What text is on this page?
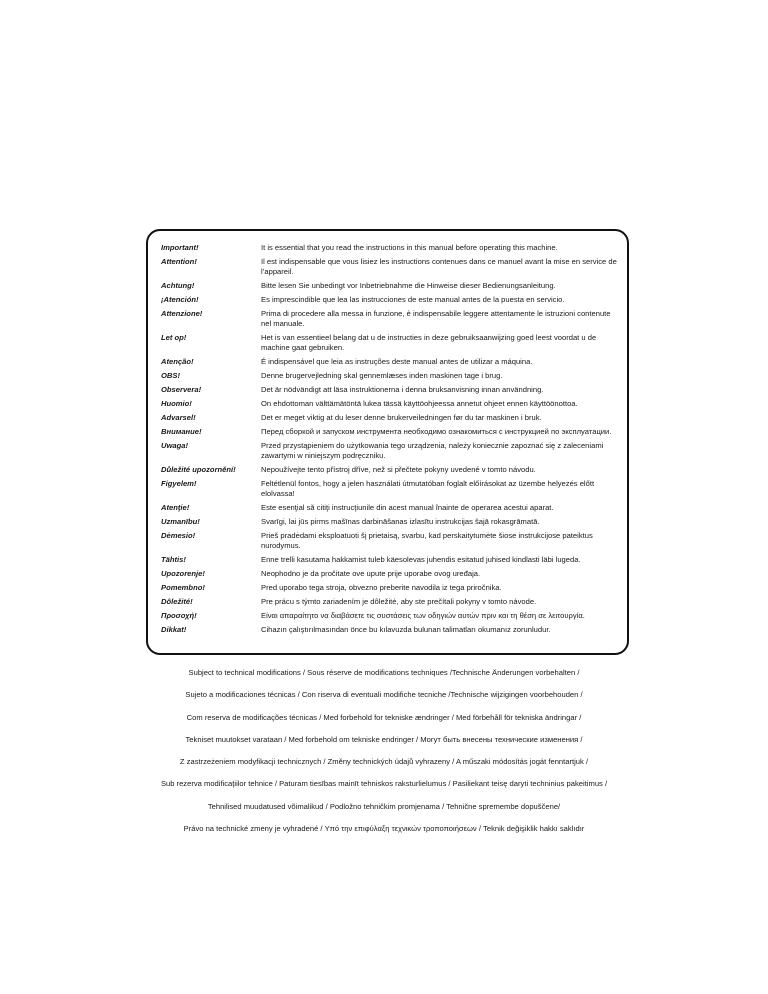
Important!	It is essential that you read the instructions in this manual before operating this machine.
Attention!	Il est indispensable que vous lisiez les instructions contenues dans ce manuel avant la mise en service de l’appareil.
Achtung!	Bitte lesen Sie unbedingt vor Inbetriebnahme die Hinweise dieser Bedienungsanleitung.
¡Atención!	Es imprescindible que lea las instrucciones de este manual antes de la puesta en servicio.
Attenzione!	Prima di procedere alla messa in funzione, è indispensabile leggere attentamente le istruzioni contenute nel manuale.
Let op!	Het is van essentieel belang dat u de instructies in deze gebruiksaanwijzing goed leest voordat u de machine gaat gebruiken.
Atenção!	É indispensável que leia as instruções deste manual antes de utilizar a máquina.
OBS!	Denne brugervejledning skal gennemlæses inden maskinen tage i brug.
Observera!	Det är nödvändigt att läsa instruktionerna i denna bruksanvisning innan användning.
Huomio!	On ehdottoman välttämätöntä lukea tässä käyttöohjeessa annetut ohjeet ennen käyttöönottoa.
Advarsel!	Det er meget viktig at du leser denne brukerveiledningen før du tar maskinen i bruk.
Внимание!	Перед сборкой и запуском инструмента необходимо ознакомиться с инструкцией по эксплуатации.
Uwaga!	Przed przystąpieniem do użytkowania tego urządzenia, należy koniecznie zapoznać się z zaleceniami zawartymi w niniejszym podręczniku.
Důležité upozornění!	Nepoužívejte tento přístroj dříve, než si přečtete pokyny uvedené v tomto návodu.
Figyelem!	Feltétlenül fontos, hogy a jelen használati útmutatóban foglalt előírásokat az üzembe helyezés előtt elolvassa!
Atenţie!	Este esenţial să citiţi instrucţiunile din acest manual înainte de operarea acestui aparat.
Uzmanību!	Svarīgi, lai jūs pirms mašīnas darbināšanas izlasītu instrukcijas šajā rokasgrāmatā.
Dėmesio!	Prieš pradėdami eksploatuoti šį prietaisą, svarbu, kad perskaitytumėte šiose instrukcijose pateiktus nurodymus.
Tähtis!	Enne trelli kasutama hakkamist tuleb käesolevas juhendis esitatud juhised kindlasti läbi lugeda.
Upozorenje!	Neophodno je da pročitate ove upute prije uporabe ovog uređaja.
Pomembno!	Pred uporabo tega stroja, obvezno preberite navodila iz tega priročnika.
Dôležité!	Pre prácu s týmto zariadením je dôležité, aby ste prečítali pokyny v tomto návode.
Προσοχή!	Είναι απαραίτητο να διαβάσετε τις συστάσεις των οδηγιών αυτών πριν και τη θέση σε λειτουργία.
Dikkat!	Cihazın çalıştırılmasından önce bu kılavuzda bulunan talimatları okumanız zorunludur.
Subject to technical modifications / Sous réserve de modifications techniques /Technische Änderungen vorbehalten /
Sujeto a modificaciones técnicas / Con riserva di eventuali modifiche tecniche /Technische wijzigingen voorbehouden /
Com reserva de modificações técnicas / Med forbehold for tekniske ændringer / Med förbehåll för tekniska ändringar /
Tekniset muutokset varataan / Med forbehold om tekniske endringer / Могут быть внесены технические изменения /
Z zastrzeżeniem modyfikacji technicznych / Změny technických údajů vyhrazeny / A műszaki módosítás jogát fenntartjuk /
Sub rezerva modificaţiilor tehnice / Paturam tiesības mainīt tehniskos raksturlielumus / Pasiliekant teisę daryti techninius pakeitimus /
Tehnilised muudatused võimalikud / Podložno tehničkim promjenama / Tehnične spremembe dopuščene/
Právo na technické zmeny je vyhradené / Υπό την επιφύλαξη τεχνικών τροποποιήσεων / Teknik değişiklik hakkı saklıdır
